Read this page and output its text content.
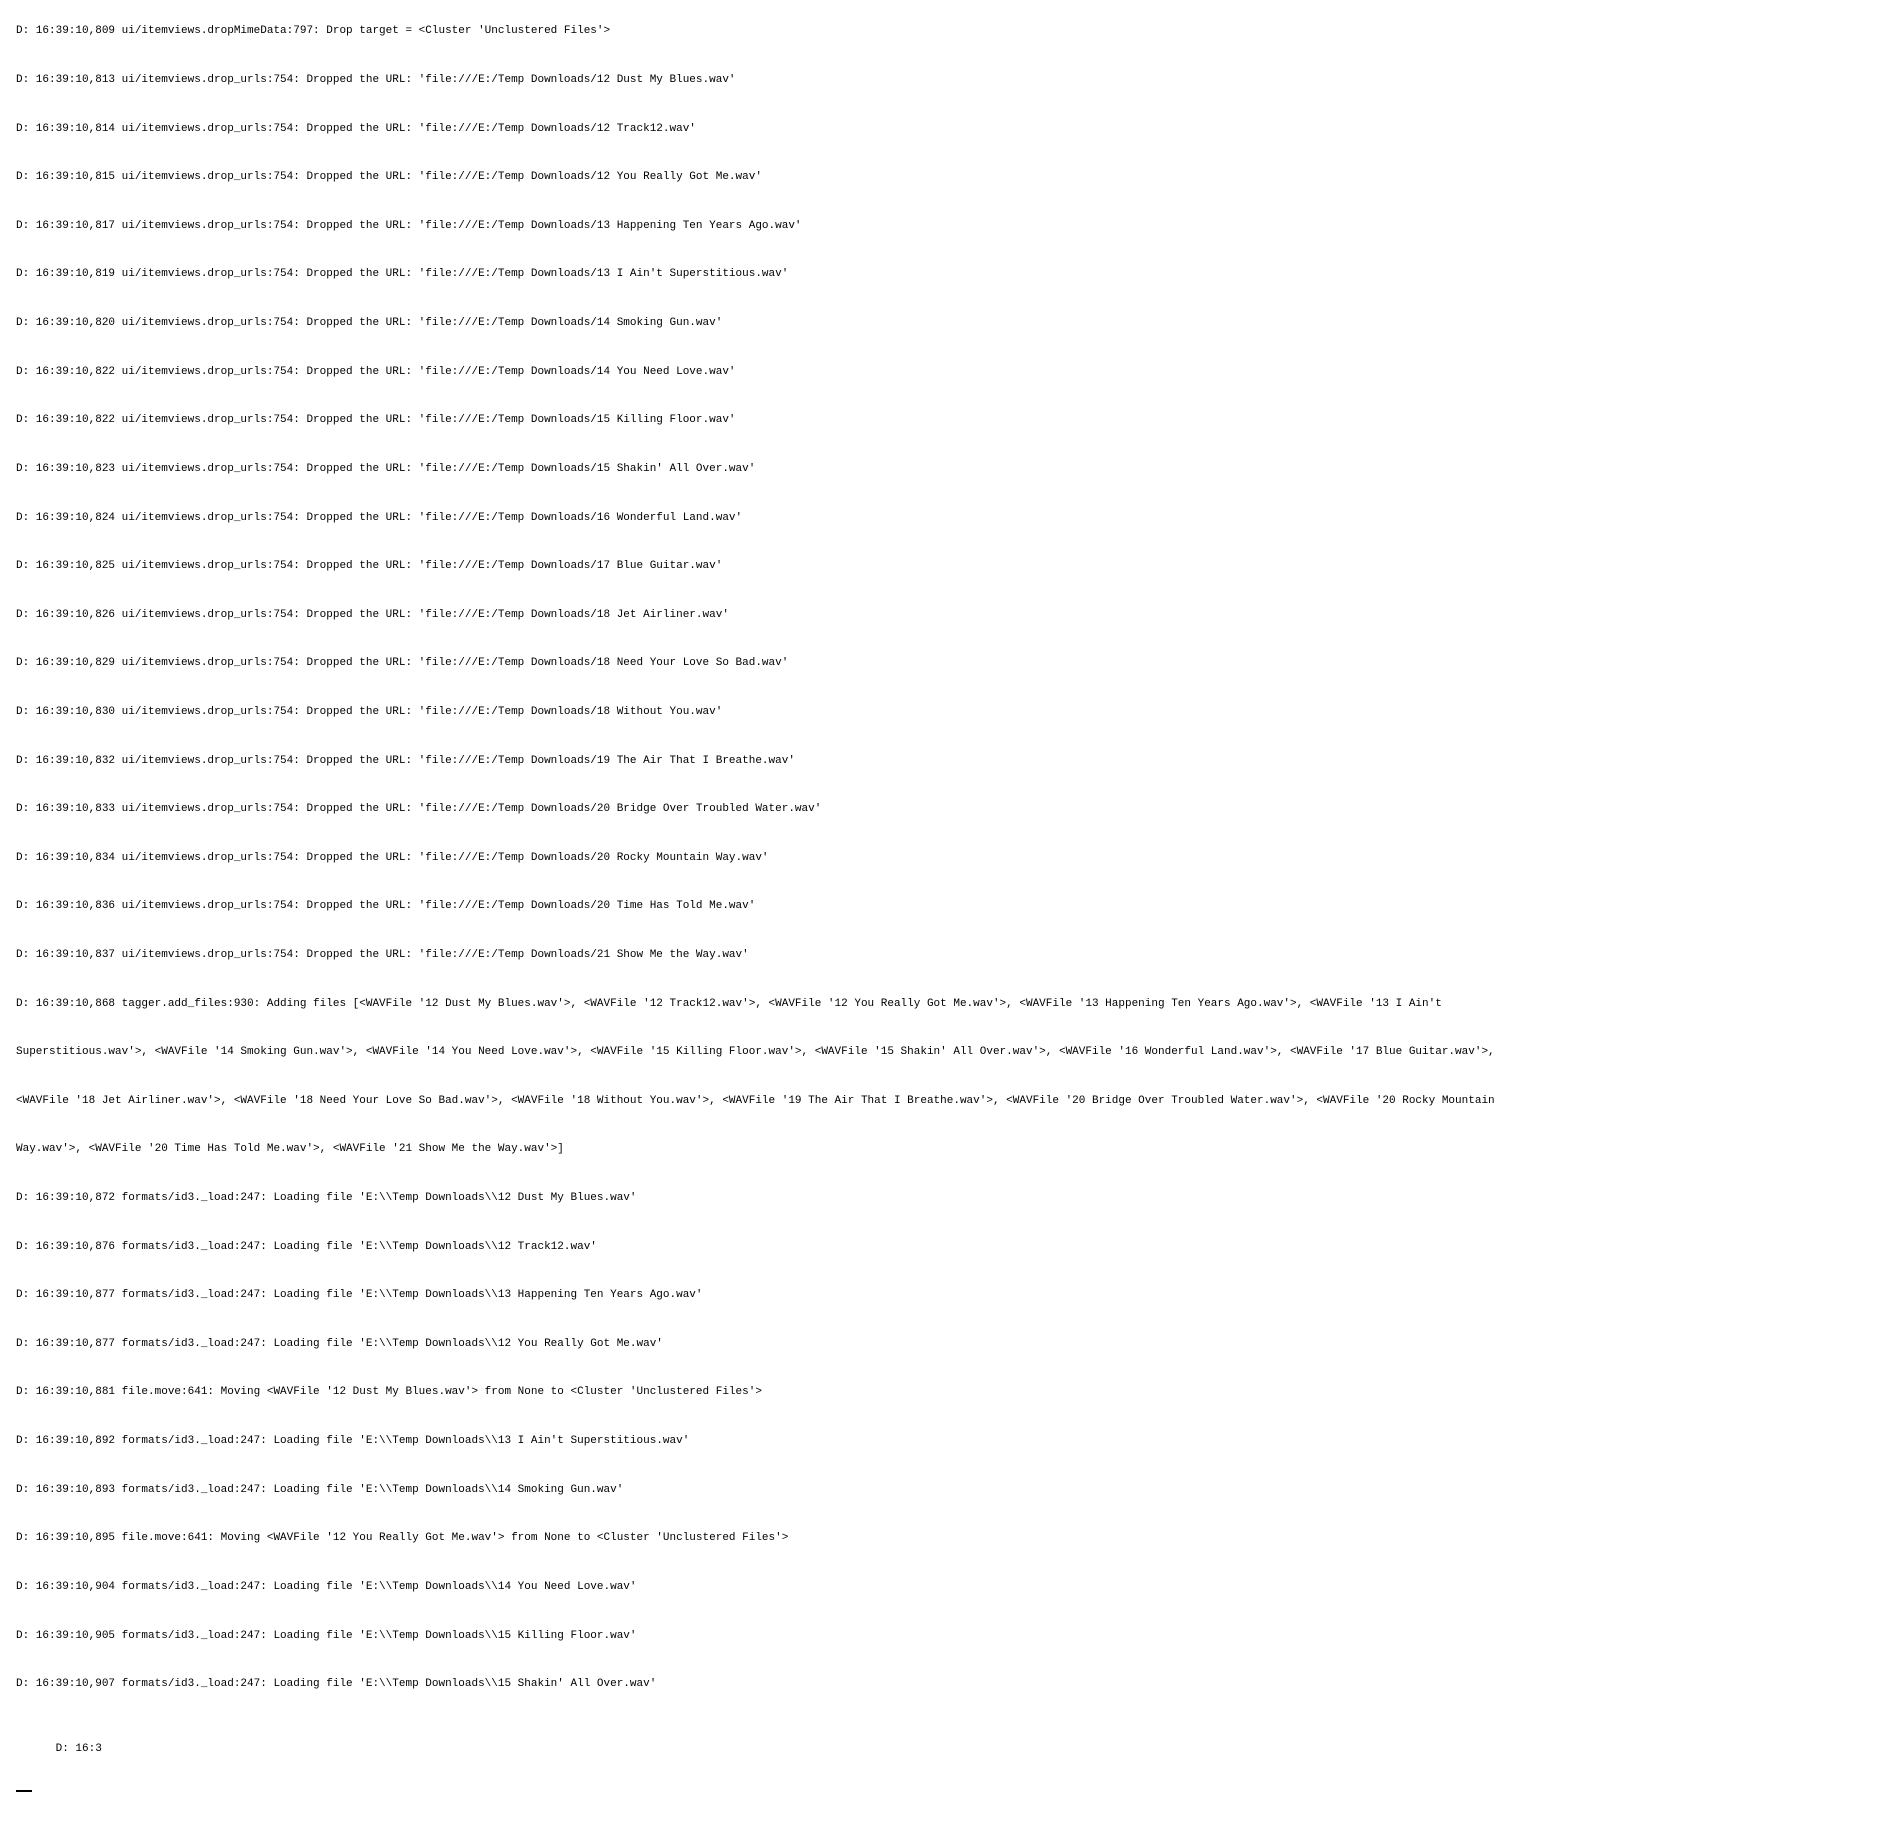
D: 16:39:10,809 ui/itemviews.dropMimeData:797: Drop target = <Cluster 'Unclustered Files'>

D: 16:39:10,813 ui/itemviews.drop_urls:754: Dropped the URL: 'file:///E:/Temp Downloads/12 Dust My Blues.wav'

D: 16:39:10,814 ui/itemviews.drop_urls:754: Dropped the URL: 'file:///E:/Temp Downloads/12 Track12.wav'

D: 16:39:10,815 ui/itemviews.drop_urls:754: Dropped the URL: 'file:///E:/Temp Downloads/12 You Really Got Me.wav'

D: 16:39:10,817 ui/itemviews.drop_urls:754: Dropped the URL: 'file:///E:/Temp Downloads/13 Happening Ten Years Ago.wav'

D: 16:39:10,819 ui/itemviews.drop_urls:754: Dropped the URL: 'file:///E:/Temp Downloads/13 I Ain't Superstitious.wav'

D: 16:39:10,820 ui/itemviews.drop_urls:754: Dropped the URL: 'file:///E:/Temp Downloads/14 Smoking Gun.wav'

D: 16:39:10,822 ui/itemviews.drop_urls:754: Dropped the URL: 'file:///E:/Temp Downloads/14 You Need Love.wav'

D: 16:39:10,822 ui/itemviews.drop_urls:754: Dropped the URL: 'file:///E:/Temp Downloads/15 Killing Floor.wav'

D: 16:39:10,823 ui/itemviews.drop_urls:754: Dropped the URL: 'file:///E:/Temp Downloads/15 Shakin' All Over.wav'

D: 16:39:10,824 ui/itemviews.drop_urls:754: Dropped the URL: 'file:///E:/Temp Downloads/16 Wonderful Land.wav'

D: 16:39:10,825 ui/itemviews.drop_urls:754: Dropped the URL: 'file:///E:/Temp Downloads/17 Blue Guitar.wav'

D: 16:39:10,826 ui/itemviews.drop_urls:754: Dropped the URL: 'file:///E:/Temp Downloads/18 Jet Airliner.wav'

D: 16:39:10,829 ui/itemviews.drop_urls:754: Dropped the URL: 'file:///E:/Temp Downloads/18 Need Your Love So Bad.wav'

D: 16:39:10,830 ui/itemviews.drop_urls:754: Dropped the URL: 'file:///E:/Temp Downloads/18 Without You.wav'

D: 16:39:10,832 ui/itemviews.drop_urls:754: Dropped the URL: 'file:///E:/Temp Downloads/19 The Air That I Breathe.wav'

D: 16:39:10,833 ui/itemviews.drop_urls:754: Dropped the URL: 'file:///E:/Temp Downloads/20 Bridge Over Troubled Water.wav'

D: 16:39:10,834 ui/itemviews.drop_urls:754: Dropped the URL: 'file:///E:/Temp Downloads/20 Rocky Mountain Way.wav'

D: 16:39:10,836 ui/itemviews.drop_urls:754: Dropped the URL: 'file:///E:/Temp Downloads/20 Time Has Told Me.wav'

D: 16:39:10,837 ui/itemviews.drop_urls:754: Dropped the URL: 'file:///E:/Temp Downloads/21 Show Me the Way.wav'

D: 16:39:10,868 tagger.add_files:930: Adding files [<WAVFile '12 Dust My Blues.wav'>, <WAVFile '12 Track12.wav'>, <WAVFile '12 You Really Got Me.wav'>, <WAVFile '13 Happening Ten Years Ago.wav'>, <WAVFile '13 I Ain't

Superstitious.wav'>, <WAVFile '14 Smoking Gun.wav'>, <WAVFile '14 You Need Love.wav'>, <WAVFile '15 Killing Floor.wav'>, <WAVFile '15 Shakin' All Over.wav'>, <WAVFile '16 Wonderful Land.wav'>, <WAVFile '17 Blue Guitar.wav'>,

<WAVFile '18 Jet Airliner.wav'>, <WAVFile '18 Need Your Love So Bad.wav'>, <WAVFile '18 Without You.wav'>, <WAVFile '19 The Air That I Breathe.wav'>, <WAVFile '20 Bridge Over Troubled Water.wav'>, <WAVFile '20 Rocky Mountain

Way.wav'>, <WAVFile '20 Time Has Told Me.wav'>, <WAVFile '21 Show Me the Way.wav'>]

D: 16:39:10,872 formats/id3._load:247: Loading file 'E:\\Temp Downloads\\12 Dust My Blues.wav'

D: 16:39:10,876 formats/id3._load:247: Loading file 'E:\\Temp Downloads\\12 Track12.wav'

D: 16:39:10,877 formats/id3._load:247: Loading file 'E:\\Temp Downloads\\13 Happening Ten Years Ago.wav'

D: 16:39:10,877 formats/id3._load:247: Loading file 'E:\\Temp Downloads\\12 You Really Got Me.wav'

D: 16:39:10,881 file.move:641: Moving <WAVFile '12 Dust My Blues.wav'> from None to <Cluster 'Unclustered Files'>

D: 16:39:10,892 formats/id3._load:247: Loading file 'E:\\Temp Downloads\\13 I Ain't Superstitious.wav'

D: 16:39:10,893 formats/id3._load:247: Loading file 'E:\\Temp Downloads\\14 Smoking Gun.wav'

D: 16:39:10,895 file.move:641: Moving <WAVFile '12 You Really Got Me.wav'> from None to <Cluster 'Unclustered Files'>

D: 16:39:10,904 formats/id3._load:247: Loading file 'E:\\Temp Downloads\\14 You Need Love.wav'

D: 16:39:10,905 formats/id3._load:247: Loading file 'E:\\Temp Downloads\\15 Killing Floor.wav'

D: 16:39:10,907 formats/id3._load:247: Loading file 'E:\\Temp Downloads\\15 Shakin' All Over.wav'

D: 16:3
